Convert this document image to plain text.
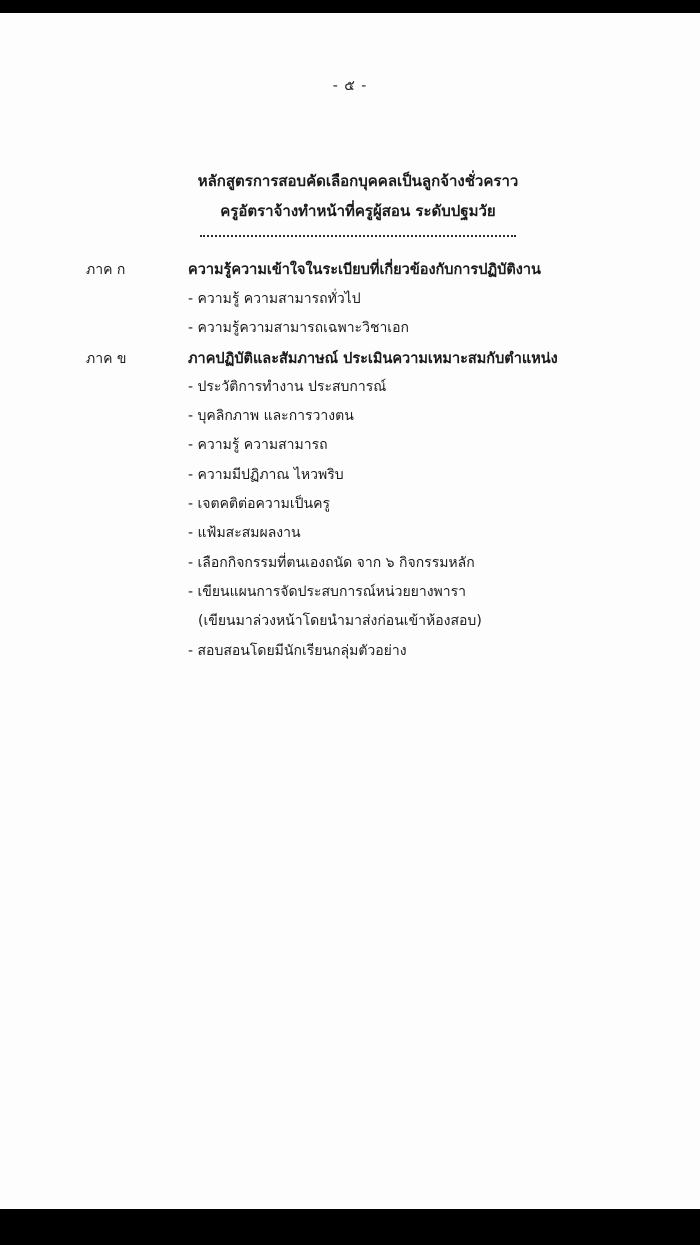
- ๕ -
หลักสูตรการสอบคัดเลือกบุคคลเป็นลูกจ้างชั่วคราว
ครูอัตราจ้างทำหน้าที่ครูผู้สอน ระดับปฐมวัย
ภาค ก	ความรู้ความเข้าใจในระเบียบที่เกี่ยวข้องกับการปฏิบัติงาน
- ความรู้ ความสามารถทั่วไป
- ความรู้ความสามารถเฉพาะวิชาเอก
ภาค ข	ภาคปฏิบัติและสัมภาษณ์ ประเมินความเหมาะสมกับตำแหน่ง
- ประวัติการทำงาน ประสบการณ์
- บุคลิกภาพ และการวางตน
- ความรู้ ความสามารถ
- ความมีปฏิภาณ ไหวพริบ
- เจตคติต่อความเป็นครู
- แฟ้มสะสมผลงาน
- เลือกกิจกรรมที่ตนเองถนัด จาก ๖ กิจกรรมหลัก
- เขียนแผนการจัดประสบการณ์หน่วยยางพารา
(เขียนมาล่วงหน้าโดยนำมาส่งก่อนเข้าห้องสอบ)
- สอบสอนโดยมีนักเรียนกลุ่มตัวอย่าง
